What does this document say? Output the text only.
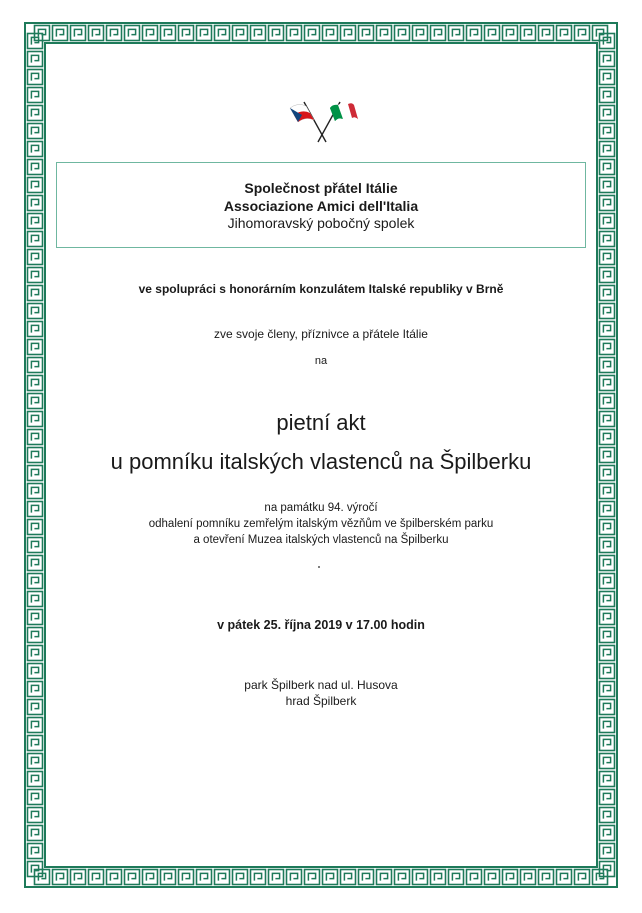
Společnost přátel Itálie
Associazione Amici dell'Italia
Jihomoravský pobočný spolek
ve spolupráci s honorárním konzulátem Italské republiky v Brně
zve svoje členy, příznivce a přátele Itálie
na
pietní akt
u pomníku italských vlastenců na Špilberku
na památku 94. výročí
odhalení pomníku zemřelým italským vězňům ve špilberském parku
a otevření Muzea italských vlastenců na Špilberku
v pátek 25. října 2019 v 17.00 hodin
park Špilberk nad ul. Husova
hrad Špilberk
